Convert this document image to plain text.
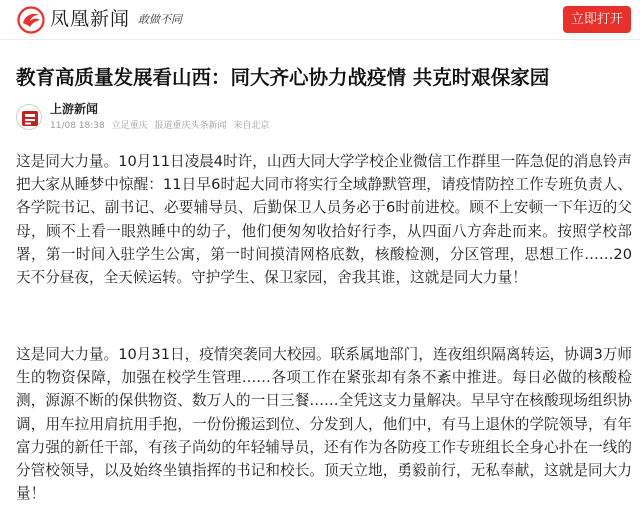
凤凰新闻 敢做不同	立即打开
教育高质量发展看山西：同大齐心协力战疫情 共克时艰保家园
上游新闻
11/08 18:38 立足重庆 报道重庆头条新闻 来自北京

这是同大力量。10月11日凌晨4时许，山西大同大学学校企业微信工作群里一阵急促的消息铃声把大家从睡梦中惊醒：11日早6时起大同市将实行全域静默管理，请疫情防控工作专班负责人、各学院书记、副书记、必要辅导员、后勤保卫人员务必于6时前进校。顾不上安顿一下年迈的父母，顾不上看一眼熟睡中的幼子，他们便匆匆收拾好行李，从四面八方奔赴而来。按照学校部署，第一时间入驻学生公寓，第一时间摸清网格底数，核酸检测，分区管理，思想工作……20天不分昼夜，全天候运转。守护学生、保卫家园，舍我其谁，这就是同大力量！

这是同大力量。10月31日，疫情突袭同大校园。联系属地部门，连夜组织隔离转运，协调3万师生的物资保障，加强在校学生管理……各项工作在紧张却有条不紊中推进。每日必做的核酸检测，源源不断的保供物资、数万人的一日三餐……全凭这支力量解决。早早守在核酸现场组织协调，用车拉用肩抗用手抱，一份份搬运到位、分发到人，他们中，有马上退休的学院领导，有年富力强的新任干部，有孩子尚幼的年轻辅导员，还有作为各防疫工作专班组长全身心扑在一线的分管校领导，以及始终坐镇指挥的书记和校长。顶天立地，勇毅前行，无私奉献，这就是同大力量！
